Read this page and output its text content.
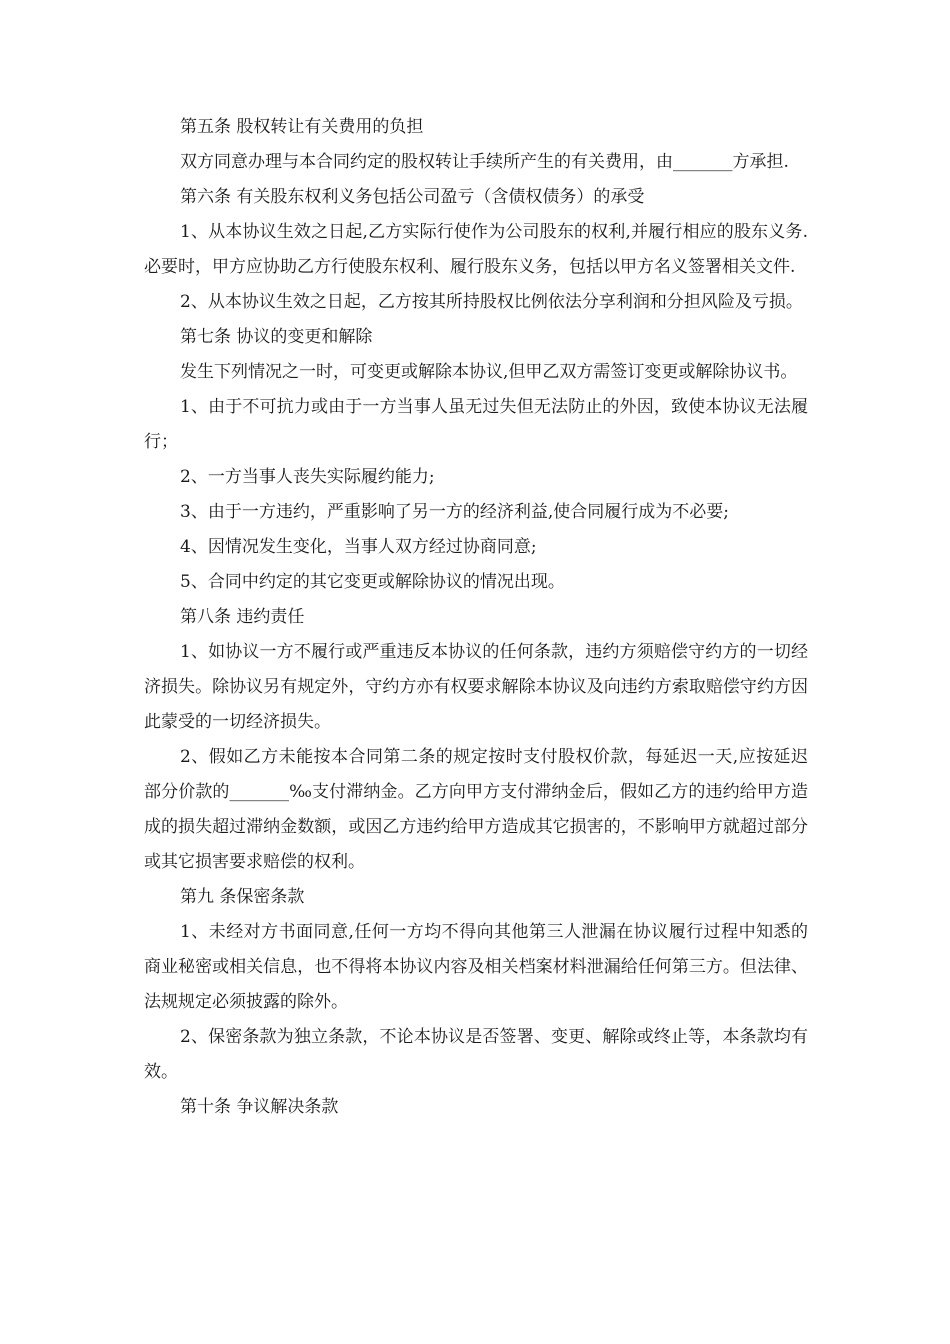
第五条 股权转让有关费用的负担

双方同意办理与本合同约定的股权转让手续所产生的有关费用，由_______方承担.

第六条 有关股东权利义务包括公司盈亏（含债权债务）的承受

1、从本协议生效之日起,乙方实际行使作为公司股东的权利,并履行相应的股东义务.必要时，甲方应协助乙方行使股东权利、履行股东义务，包括以甲方名义签署相关文件.

2、从本协议生效之日起，乙方按其所持股权比例依法分享利润和分担风险及亏损。

第七条 协议的变更和解除

发生下列情况之一时，可变更或解除本协议,但甲乙双方需签订变更或解除协议书。

1、由于不可抗力或由于一方当事人虽无过失但无法防止的外因，致使本协议无法履行；

2、一方当事人丧失实际履约能力;

3、由于一方违约，严重影响了另一方的经济利益,使合同履行成为不必要;

4、因情况发生变化，当事人双方经过协商同意;

5、合同中约定的其它变更或解除协议的情况出现。

第八条 违约责任

1、如协议一方不履行或严重违反本协议的任何条款，违约方须赔偿守约方的一切经济损失。除协议另有规定外，守约方亦有权要求解除本协议及向违约方索取赔偿守约方因此蒙受的一切经济损失。

2、假如乙方未能按本合同第二条的规定按时支付股权价款，每延迟一天,应按延迟部分价款的_______‰支付滞纳金。乙方向甲方支付滞纳金后，假如乙方的违约给甲方造成的损失超过滞纳金数额，或因乙方违约给甲方造成其它损害的，不影响甲方就超过部分或其它损害要求赔偿的权利。

第九 条保密条款

1、未经对方书面同意,任何一方均不得向其他第三人泄漏在协议履行过程中知悉的商业秘密或相关信息，也不得将本协议内容及相关档案材料泄漏给任何第三方。但法律、法规规定必须披露的除外。

2、保密条款为独立条款，不论本协议是否签署、变更、解除或终止等，本条款均有效。

第十条 争议解决条款
